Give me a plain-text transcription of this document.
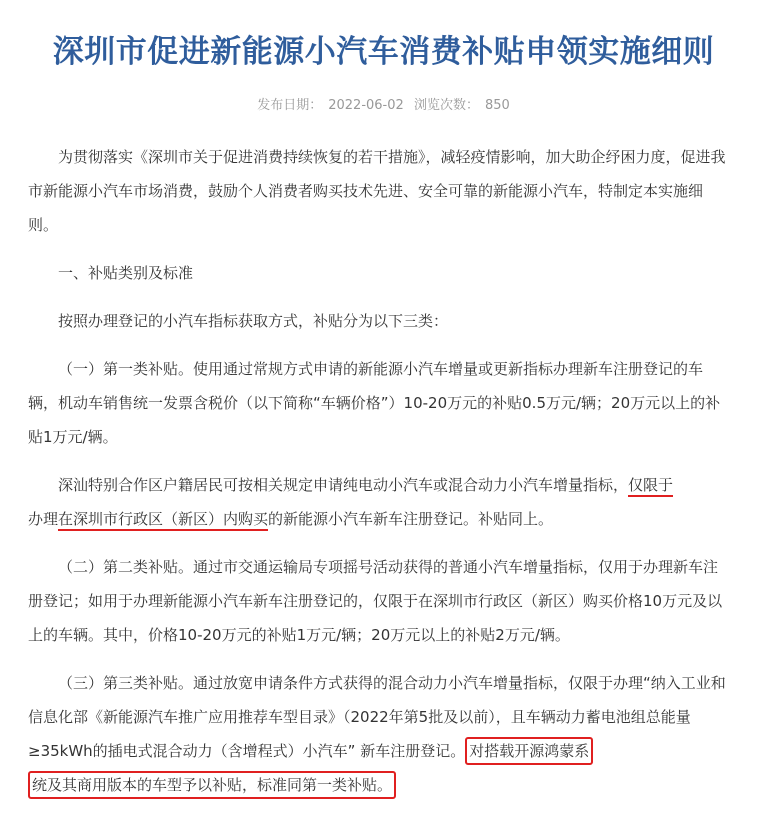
深圳市促进新能源小汽车消费补贴申领实施细则
发布日期： 2022-06-02 浏览次数： 850

为贯彻落实《深圳市关于促进消费持续恢复的若干措施》，减轻疫情影响，加大助企纾困力度，促进我市新能源小汽车市场消费，鼓励个人消费者购买技术先进、安全可靠的新能源小汽车，特制定本实施细则。

一、补贴类别及标准

按照办理登记的小汽车指标获取方式，补贴分为以下三类：

（一）第一类补贴。使用通过常规方式申请的新能源小汽车增量或更新指标办理新车注册登记的车辆，机动车销售统一发票含税价（以下简称“车辆价格”）10-20万元的补贴0.5万元/辆；20万元以上的补贴1万元/辆。

深汕特别合作区户籍居民可按相关规定申请纯电动小汽车或混合动力小汽车增量指标，仅限于
办理在深圳市行政区（新区）内购买的新能源小汽车新车注册登记。补贴同上。

（二）第二类补贴。通过市交通运输局专项摇号活动获得的普通小汽车增量指标，仅用于办理新车注册登记；如用于办理新能源小汽车新车注册登记的，仅限于在深圳市行政区（新区）购买价格10万元及以上的车辆。其中，价格10-20万元的补贴1万元/辆；20万元以上的补贴2万元/辆。

（三）第三类补贴。通过放宽申请条件方式获得的混合动力小汽车增量指标，仅限于办理“纳入工业和信息化部《新能源汽车推广应用推荐车型目录》（2022年第5批及以前），且车辆动力蓄电池组总能量≥35kWh的插电式混合动力（含增程式）小汽车” 新车注册登记。 对搭载开源鸿蒙系
统及其商用版本的车型予以补贴，标准同第一类补贴。
